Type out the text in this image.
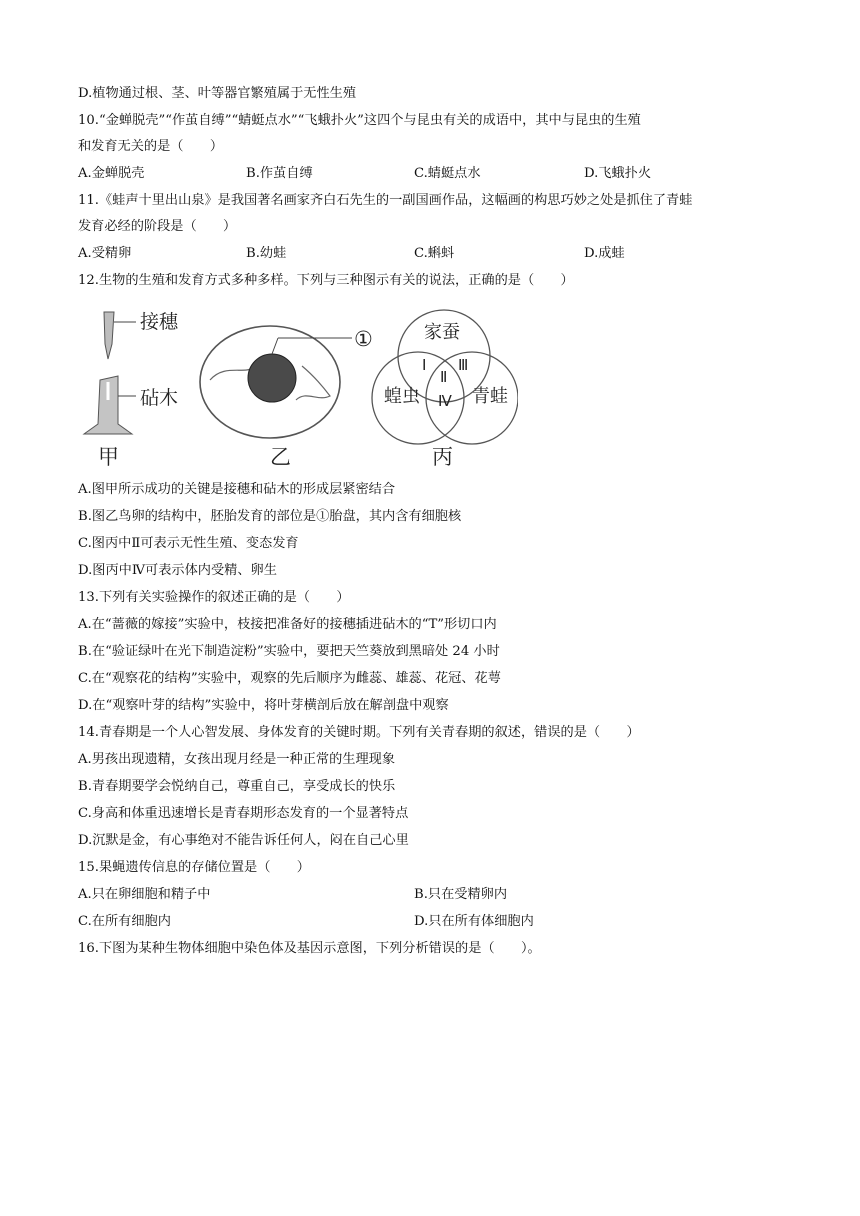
D.植物通过根、茎、叶等器官繁殖属于无性生殖
10.“金蝉脱壳”“作茧自缚”“蜻蜓点水”“飞蛾扑火”这四个与昆虫有关的成语中，其中与昆虫的生殖
和发育无关的是（　　）
A.金蝉脱壳	B.作茧自缚	C.蜻蜓点水	D.飞蛾扑火
11.《蛙声十里出山泉》是我国著名画家齐白石先生的一副国画作品，这幅画的构思巧妙之处是抓住了青蛙
发育必经的阶段是（　　）
A.受精卵	B.幼蛙	C.蝌蚪	D.成蛙
12.生物的生殖和发育方式多种多样。下列与三种图示有关的说法，正确的是（　　）
接穗
砧木
甲
①
乙
家蚕
蝗虫	青蛙
Ⅰ
Ⅱ
Ⅲ
Ⅳ
丙
A.图甲所示成功的关键是接穗和砧木的形成层紧密结合
B.图乙鸟卵的结构中，胚胎发育的部位是①胎盘，其内含有细胞核
C.图丙中Ⅱ可表示无性生殖、变态发育
D.图丙中Ⅳ可表示体内受精、卵生
13.下列有关实验操作的叙述正确的是（　　）
A.在“蔷薇的嫁接”实验中，枝接把准备好的接穗插进砧木的“T”形切口内
B.在“验证绿叶在光下制造淀粉”实验中，要把天竺葵放到黑暗处 24 小时
C.在“观察花的结构”实验中，观察的先后顺序为雌蕊、雄蕊、花冠、花萼
D.在“观察叶芽的结构”实验中，将叶芽横剖后放在解剖盘中观察
14.青春期是一个人心智发展、身体发育的关键时期。下列有关青春期的叙述，错误的是（　　）
A.男孩出现遗精，女孩出现月经是一种正常的生理现象
B.青春期要学会悦纳自己，尊重自己，享受成长的快乐
C.身高和体重迅速增长是青春期形态发育的一个显著特点
D.沉默是金，有心事绝对不能告诉任何人，闷在自己心里
15.果蝇遗传信息的存储位置是（　　）
A.只在卵细胞和精子中	B.只在受精卵内
C.在所有细胞内	D.只在所有体细胞内
16.下图为某种生物体细胞中染色体及基因示意图，下列分析错误的是（　　）。
